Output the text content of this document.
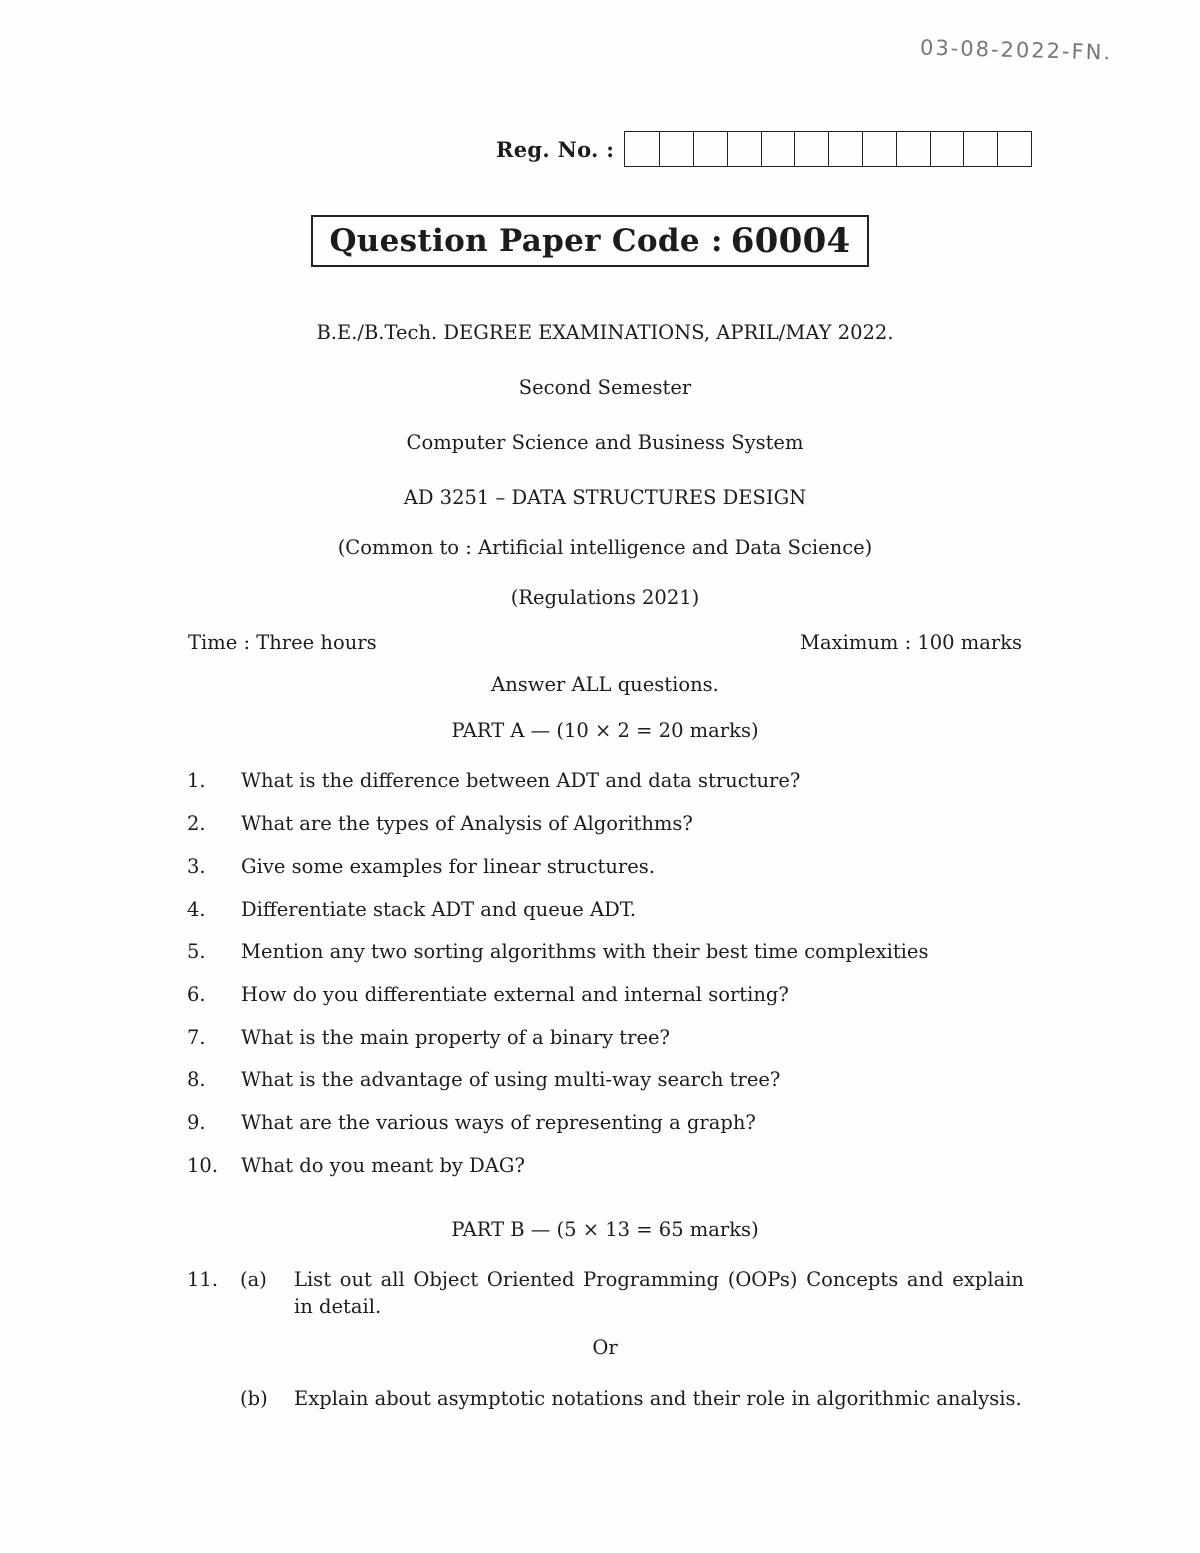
03-08-2022-FN.
Reg. No. :
Question Paper Code : 60004
B.E./B.Tech. DEGREE EXAMINATIONS, APRIL/MAY 2022.
Second Semester
Computer Science and Business System
AD 3251 – DATA STRUCTURES DESIGN
(Common to : Artificial intelligence and Data Science)
(Regulations 2021)
Time : Three hours	Maximum : 100 marks
Answer ALL questions.
PART A — (10 × 2 = 20 marks)
1. What is the difference between ADT and data structure?
2. What are the types of Analysis of Algorithms?
3. Give some examples for linear structures.
4. Differentiate stack ADT and queue ADT.
5. Mention any two sorting algorithms with their best time complexities
6. How do you differentiate external and internal sorting?
7. What is the main property of a binary tree?
8. What is the advantage of using multi-way search tree?
9. What are the various ways of representing a graph?
10. What do you meant by DAG?
PART B — (5 × 13 = 65 marks)
11. (a) List out all Object Oriented Programming (OOPs) Concepts and explain in detail.
Or
(b) Explain about asymptotic notations and their role in algorithmic analysis.
